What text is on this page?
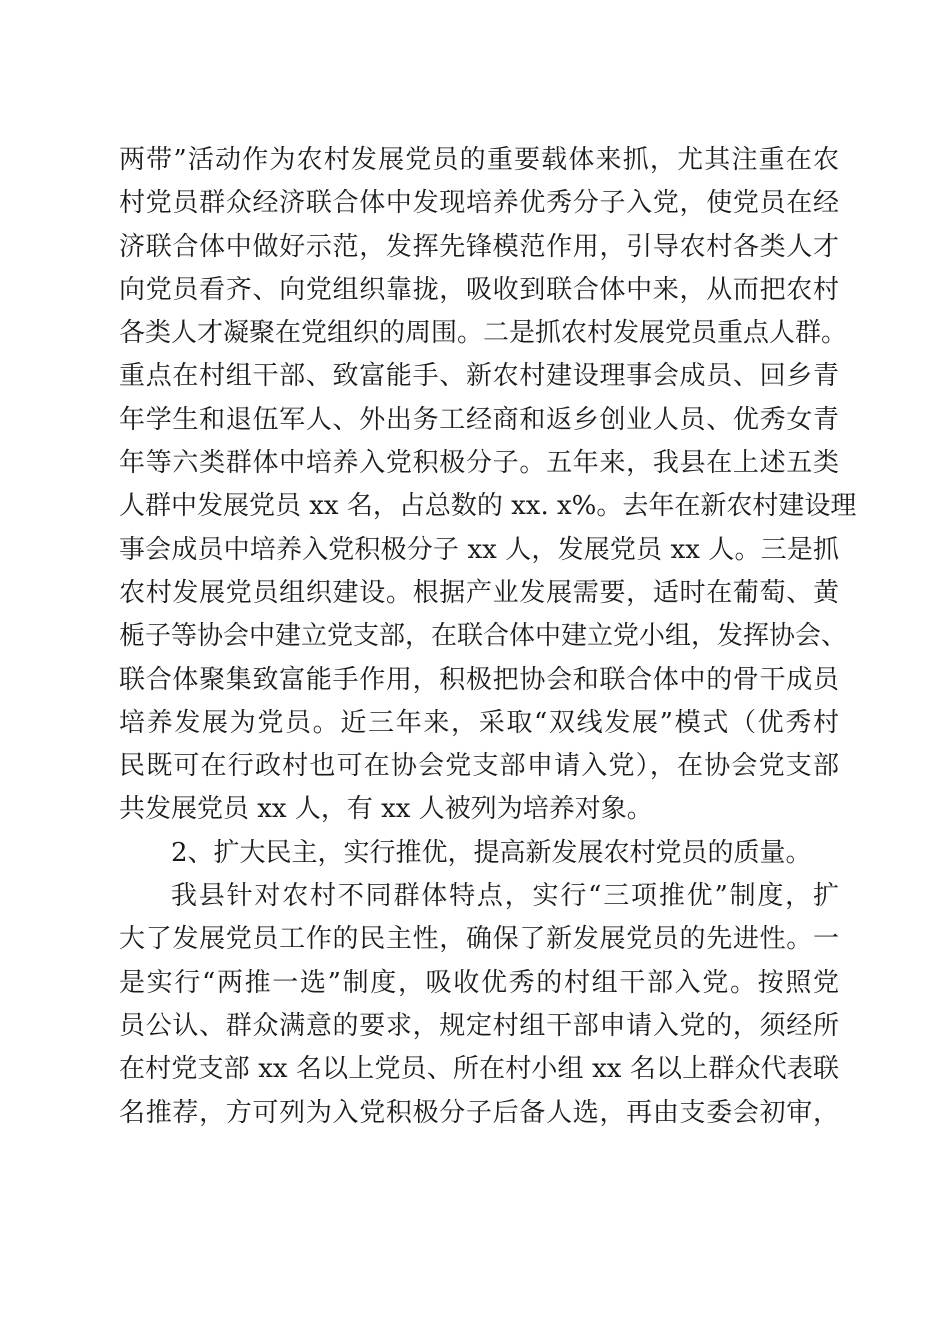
两带”活动作为农村发展党员的重要载体来抓，尤其注重在农
村党员群众经济联合体中发现培养优秀分子入党，使党员在经
济联合体中做好示范，发挥先锋模范作用，引导农村各类人才
向党员看齐、向党组织靠拢，吸收到联合体中来，从而把农村
各类人才凝聚在党组织的周围。二是抓农村发展党员重点人群。
重点在村组干部、致富能手、新农村建设理事会成员、回乡青
年学生和退伍军人、外出务工经商和返乡创业人员、优秀女青
年等六类群体中培养入党积极分子。五年来，我县在上述五类
人群中发展党员 xx 名，占总数的 xx. x%。去年在新农村建设理
事会成员中培养入党积极分子 xx 人，发展党员 xx 人。三是抓
农村发展党员组织建设。根据产业发展需要，适时在葡萄、黄
栀子等协会中建立党支部，在联合体中建立党小组，发挥协会、
联合体聚集致富能手作用，积极把协会和联合体中的骨干成员
培养发展为党员。近三年来，采取“双线发展”模式（优秀村
民既可在行政村也可在协会党支部申请入党），在协会党支部
共发展党员 xx 人，有 xx 人被列为培养对象。
2、扩大民主，实行推优，提高新发展农村党员的质量。
我县针对农村不同群体特点，实行“三项推优”制度，扩
大了发展党员工作的民主性，确保了新发展党员的先进性。一
是实行“两推一选”制度，吸收优秀的村组干部入党。按照党
员公认、群众满意的要求，规定村组干部申请入党的，须经所
在村党支部 xx 名以上党员、所在村小组 xx 名以上群众代表联
名推荐，方可列为入党积极分子后备人选，再由支委会初审，
